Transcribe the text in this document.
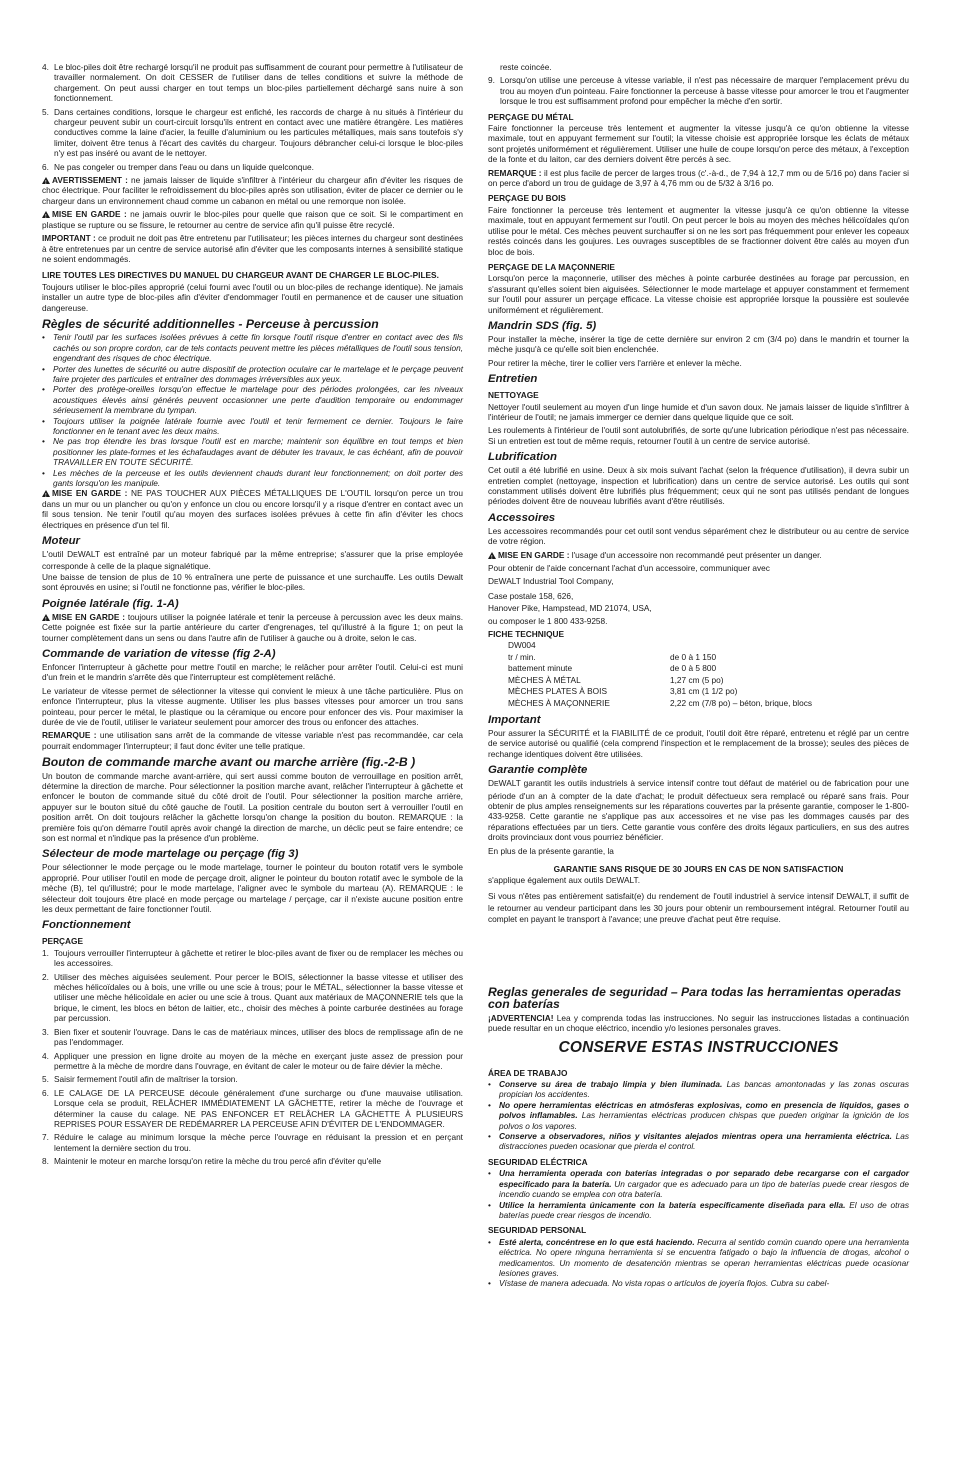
4. Le bloc-piles doit être rechargé lorsqu'il ne produit pas suffisamment de courant pour permettre à l'utilisateur de travailler normalement. On doit CESSER de l'utiliser dans de telles conditions et suivre la méthode de chargement. On peut aussi charger en tout temps un bloc-piles partiellement déchargé sans nuire à son fonctionnement.
5. Dans certaines conditions, lorsque le chargeur est enfiché, les raccords de charge à nu situés à l'intérieur du chargeur peuvent subir un court-circuit lorsqu'ils entrent en contact avec une matière étrangère. Les matières conductives comme la laine d'acier, la feuille d'aluminium ou les particules métalliques, mais sans toutefois s'y limiter, doivent être tenus à l'écart des cavités du chargeur. Toujours débrancher celui-ci lorsque le bloc-piles n'y est pas inséré ou avant de le nettoyer.
6. Ne pas congeler ou tremper dans l'eau ou dans un liquide quelconque.

!AVERTISSEMENT : ne jamais laisser de liquide s'infiltrer à l'intérieur du chargeur afin d'éviter les risques de choc électrique. Pour faciliter le refroidissement du bloc-piles après son utilisation, éviter de placer ce dernier ou le chargeur dans un environnement chaud comme un cabanon en métal ou une remorque non isolée.

!MISE EN GARDE : ne jamais ouvrir le bloc-piles pour quelle que raison que ce soit. Si le compartiment en plastique se rupture ou se fissure, le retourner au centre de service afin qu'il puisse être recyclé.

IMPORTANT : ce produit ne doit pas être entretenu par l'utilisateur; les pièces internes du chargeur sont destinées à être entretenues par un centre de service autorisé afin d'éviter que les composants internes à sensibilité statique ne soient endommagés.

LIRE TOUTES LES DIRECTIVES DU MANUEL DU CHARGEUR AVANT DE CHARGER LE BLOC-PILES.

Toujours utiliser le bloc-piles approprié (celui fourni avec l'outil ou un bloc-piles de rechange identique). Ne jamais installer un autre type de bloc-piles afin d'éviter d'endommager l'outil en permanence et de causer une situation dangereuse.

Règles de sécurité additionnelles - Perceuse à percussion
• Tenir l'outil par les surfaces isolées prévues à cette fin lorsque l'outil risque d'entrer en contact avec des fils cachés ou son propre cordon, car de tels contacts peuvent mettre les pièces métalliques de l'outil sous tension, engendrant des risques de choc électrique.
• Porter des lunettes de sécurité ou autre dispositif de protection oculaire car le martelage et le perçage peuvent faire projeter des particules et entraîner des dommages irréversibles aux yeux.
• Porter des protège-oreilles lorsqu'on effectue le martelage pour des périodes prolongées, car les niveaux acoustiques élevés ainsi générés peuvent occasionner une perte d'audition temporaire ou endommager sérieusement la membrane du tympan.
• Toujours utiliser la poignée latérale fournie avec l'outil et tenir fermement ce dernier. Toujours le faire fonctionner en le tenant avec les deux mains.
• Ne pas trop étendre les bras lorsque l'outil est en marche; maintenir son équilibre en tout temps et bien positionner les plate-formes et les échafaudages avant de débuter les travaux, le cas échéant, afin de pouvoir TRAVAILLER EN TOUTE SÉCURITÉ.
• Les mèches de la perceuse et les outils deviennent chauds durant leur fonctionnement; on doit porter des gants lorsqu'on les manipule.

!MISE EN GARDE : NE PAS TOUCHER AUX PIÈCES MÉTALLIQUES DE L'OUTIL lorsqu'on perce un trou dans un mur ou un plancher ou qu'on y enfonce un clou ou encore lorsqu'il y a risque d'entrer en contact avec un fil sous tension. Ne tenir l'outil qu'au moyen des surfaces isolées prévues à cette fin afin d'éviter les chocs électriques en présence d'un tel fil.

Moteur

L'outil DEWALT est entraîné par un moteur fabriqué par la même entreprise; s'assurer que la prise employée corresponde à celle de la plaque signalétique.
Une baisse de tension de plus de 10 % entraînera une perte de puissance et une surchauffe. Les outils Dewalt sont éprouvés en usine; si l'outil ne fonctionne pas, vérifier le bloc-piles.

Poignée latérale (fig. 1-A)

!MISE EN GARDE : toujours utiliser la poignée latérale et tenir la perceuse à percussion avec les deux mains. Cette poignée est fixée sur la partie antérieure du carter d'engrenages, tel qu'illustré à la figure 1; on peut la tourner complètement dans un sens ou dans l'autre afin de l'utiliser à gauche ou à droite, selon le cas.

Commande de variation de vitesse (fig 2-A)

Enfoncer l'interrupteur à gâchette pour mettre l'outil en marche; le relâcher pour arrêter l'outil. Celui-ci est muni d'un frein et le mandrin s'arrête dès que l'interrupteur est complètement relâché.

Le variateur de vitesse permet de sélectionner la vitesse qui convient le mieux à une tâche particulière. Plus on enfonce l'interrupteur, plus la vitesse augmente. Utiliser les plus basses vitesses pour amorcer un trou sans pointeau, pour percer le métal, le plastique ou la céramique ou encore pour enfoncer des vis. Pour maximiser la durée de vie de l'outil, utiliser le variateur seulement pour amorcer des trous ou enfoncer des attaches.

REMARQUE : une utilisation sans arrêt de la commande de vitesse variable n'est pas recommandée, car cela pourrait endommager l'interrupteur; il faut donc éviter une telle pratique.

Bouton de commande marche avant ou marche arrière (fig.-2-B )

Un bouton de commande marche avant-arrière, qui sert aussi comme bouton de verrouillage en position arrêt, détermine la direction de marche. Pour sélectionner la position marche avant, relâcher l'interrupteur à gâchette et enfoncer le bouton de commande situé du côté droit de l'outil. Pour sélectionner la position marche arrière, appuyer sur le bouton situé du côté gauche de l'outil. La position centrale du bouton sert à verrouiller l'outil en position arrêt. On doit toujours relâcher la gâchette lorsqu'on change la position du bouton. REMARQUE : la première fois qu'on démarre l'outil après avoir changé la direction de marche, un déclic peut se faire entendre; ce son est normal et n'indique pas la présence d'un problème.

Sélecteur de mode martelage ou perçage (fig 3)

Pour sélectionner le mode perçage ou le mode martelage, tourner le pointeur du bouton rotatif vers le symbole approprié. Pour utiliser l'outil en mode de perçage droit, aligner le pointeur du bouton rotatif avec le symbole de la mèche (B), tel qu'illustré; pour le mode martelage, l'aligner avec le symbole du marteau (A). REMARQUE : le sélecteur doit toujours être placé en mode perçage ou martelage / perçage, car il n'existe aucune position entre les deux permettant de faire fonctionner l'outil.

Fonctionnement
PERÇAGE
1. Toujours verrouiller l'interrupteur à gâchette et retirer le bloc-piles avant de fixer ou de remplacer les mèches ou les accessoires.
2. Utiliser des mèches aiguisées seulement. Pour percer le BOIS, sélectionner la basse vitesse et utiliser des mèches hélicoïdales ou à bois, une vrille ou une scie à trous; pour le MÉTAL, sélectionner la basse vitesse et utiliser une mèche hélicoïdale en acier ou une scie à trous. Quant aux matériaux de MAÇONNERIE tels que la brique, le ciment, les blocs en béton de laitier, etc., choisir des mèches à pointe carburée destinées au forage par percussion.
3. Bien fixer et soutenir l'ouvrage. Dans le cas de matériaux minces, utiliser des blocs de remplissage afin de ne pas l'endommager.
4. Appliquer une pression en ligne droite au moyen de la mèche en exerçant juste assez de pression pour permettre à la mèche de mordre dans l'ouvrage, en évitant de caler le moteur ou de faire dévier la mèche.
5. Saisir fermement l'outil afin de maîtriser la torsion.
6. LE CALAGE DE LA PERCEUSE découle généralement d'une surcharge ou d'une mauvaise utilisation. Lorsque cela se produit, RELÂCHER IMMÉDIATEMENT LA GÂCHETTE, retirer la mèche de l'ouvrage et déterminer la cause du calage. NE PAS ENFONCER ET RELÂCHER LA GÂCHETTE À PLUSIEURS REPRISES POUR ESSAYER DE REDÉMARRER LA PERCEUSE AFIN D'ÉVITER DE L'ENDOMMAGER.
7. Réduire le calage au minimum lorsque la mèche perce l'ouvrage en réduisant la pression et en perçant lentement la dernière section du trou.
8. Maintenir le moteur en marche lorsqu'on retire la mèche du trou percé afin d'éviter qu'elle

reste coincée.

9. Lorsqu'on utilise une perceuse à vitesse variable, il n'est pas nécessaire de marquer l'emplacement prévu du trou au moyen d'un pointeau. Faire fonctionner la perceuse à basse vitesse pour amorcer le trou et l'augmenter lorsque le trou est suffisamment profond pour empêcher la mèche d'en sortir.
PERÇAGE DU MÉTAL

Faire fonctionner la perceuse très lentement et augmenter la vitesse jusqu'à ce qu'on obtienne la vitesse maximale, tout en appuyant fermement sur l'outil; la vitesse choisie est appropriée lorsque les éclats de métaux sont projetés uniformément et régulièrement. Utiliser une huile de coupe lorsqu'on perce des métaux, à l'exception de la fonte et du laiton, car des derniers doivent être percés à sec.

REMARQUE : il est plus facile de percer de larges trous (c'.-à-d., de 7,94 à 12,7 mm ou de 5/16 po) dans l'acier si on perce d'abord un trou de guidage de 3,97 à 4,76 mm ou de 5/32 à 3/16 po.

PERÇAGE DU BOIS

Faire fonctionner la perceuse très lentement et augmenter la vitesse jusqu'à ce qu'on obtienne la vitesse maximale, tout en appuyant fermement sur l'outil. On peut percer le bois au moyen des mèches hélicoïdales qu'on utilise pour le métal. Ces mèches peuvent surchauffer si on ne les sort pas fréquemment pour enlever les copeaux restés coincés dans les goujures. Les ouvrages susceptibles de se fractionner doivent être calés au moyen d'un bloc de bois.

PERÇAGE DE LA MAÇONNERIE

Lorsqu'on perce la maçonnerie, utiliser des mèches à pointe carburée destinées au forage par percussion, en s'assurant qu'elles soient bien aiguisées. Sélectionner le mode martelage et appuyer constamment et fermement sur l'outil pour assurer un perçage efficace. La vitesse choisie est appropriée lorsque la poussière est soulevée uniformément et régulièrement.

Mandrin SDS (fig. 5)

Pour installer la mèche, insérer la tige de cette dernière sur environ 2 cm (3/4 po) dans le mandrin et tourner la mèche jusqu'à ce qu'elle soit bien enclenchée.

Pour retirer la mèche, tirer le collier vers l'arrière et enlever la mèche.

Entretien
NETTOYAGE

Nettoyer l'outil seulement au moyen d'un linge humide et d'un savon doux. Ne jamais laisser de liquide s'infiltrer à l'intérieur de l'outil; ne jamais immerger ce dernier dans quelque liquide que ce soit.

Les roulements à l'intérieur de l'outil sont autolubrifiés, de sorte qu'une lubrication périodique n'est pas nécessaire. Si un entretien est tout de même requis, retourner l'outil à un centre de service autorisé.

Lubrification

Cet outil a été lubrifié en usine. Deux à six mois suivant l'achat (selon la fréquence d'utilisation), il devra subir un entretien complet (nettoyage, inspection et lubrification) dans un centre de service autorisé. Les outils qui sont constamment utilisés doivent être lubrifiés plus fréquemment; ceux qui ne sont pas utilisés pendant de longues périodes doivent être de nouveau lubrifiés avant d'être réutilisés.

Accessoires

Les accessoires recommandés pour cet outil sont vendus séparément chez le distributeur ou au centre de service de votre région.

!MISE EN GARDE : l'usage d'un accessoire non recommandé peut présenter un danger.

Pour obtenir de l'aide concernant l'achat d'un accessoire, communiquer avec

DEWALT Industrial Tool Company,
Case postale 158, 626,
Hanover Pike, Hampstead, MD 21074, USA,
ou composer le 1 800 433-9258.
FICHE TECHNIQUE
DW004	
tr / min.	de 0 à 1 150
battement minute	de 0 à 5 800
MÈCHES À MÉTAL	1,27 cm (5 po)
MÈCHES PLATES À BOIS	3,81 cm (1 1/2 po)
MÈCHES À MAÇONNERIE	2,22 cm (7/8 po) – béton, brique, blocs
Important

Pour assurer la SÉCURITÉ et la FIABILITÉ de ce produit, l'outil doit être réparé, entretenu et réglé par un centre de service autorisé ou qualifié (cela comprend l'inspection et le remplacement de la brosse); seules des pièces de rechange identiques doivent être utilisées.

Garantie complète

DEWALT garantit les outils industriels à service intensif contre tout défaut de matériel ou de fabrication pour une période d'un an à compter de la date d'achat; le produit défectueux sera remplacé ou réparé sans frais. Pour obtenir de plus amples renseignements sur les réparations couvertes par la présente garantie, composer le 1-800-433-9258. Cette garantie ne s'applique pas aux accessoires et ne vise pas les dommages causés par des réparations effectuées par un tiers. Cette garantie vous confère des droits légaux particuliers, en sus des autres droits provinciaux dont vous pourriez bénéficier.

En plus de la présente garantie, la

GARANTIE SANS RISQUE DE 30 JOURS EN CAS DE NON SATISFACTION

s'applique également aux outils DEWALT.

Si vous n'êtes pas entièrement satisfait(e) du rendement de l'outil industriel à service intensif DEWALT, il suffit de le retourner au vendeur participant dans les 30 jours pour obtenir un remboursement intégral. Retourner l'outil au complet en payant le transport à l'avance; une preuve d'achat peut être requise.

Reglas generales de seguridad – Para todas las herramientas operadas con baterías

¡ADVERTENCIA! Lea y comprenda todas las instrucciones. No seguir las instrucciones listadas a continuación puede resultar en un choque eléctrico, incendio y/o lesiones personales graves.

CONSERVE ESTAS INSTRUCCIONES
ÁREA DE TRABAJO
• Conserve su área de trabajo limpia y bien iluminada. Las bancas amontonadas y las zonas oscuras propician los accidentes.
• No opere herramientas eléctricas en atmósferas explosivas, como en presencia de líquidos, gases o polvos inflamables. Las herramientas eléctricas producen chispas que pueden originar la ignición de los polvos o los vapores.
• Conserve a observadores, niños y visitantes alejados mientras opera una herramienta eléctrica. Las distracciones pueden ocasionar que pierda el control.
SEGURIDAD ELÉCTRICA
• Una herramienta operada con baterías integradas o por separado debe recargarse con el cargador especificado para la batería. Un cargador que es adecuado para un tipo de baterías puede crear riesgos de incendio cuando se emplea con otra batería.
• Utilice la herramienta únicamente con la batería específicamente diseñada para ella. El uso de otras baterías puede crear riesgos de incendio.
SEGURIDAD PERSONAL
• Esté alerta, concéntrese en lo que está haciendo. Recurra al sentido común cuando opere una herramienta eléctrica. No opere ninguna herramienta si se encuentra fatigado o bajo la influencia de drogas, alcohol o medicamentos. Un momento de desatención mientras se operan herramientas eléctricas puede ocasionar lesiones graves.
• Vístase de manera adecuada. No vista ropas o artículos de joyería flojos. Cubra su cabel-
